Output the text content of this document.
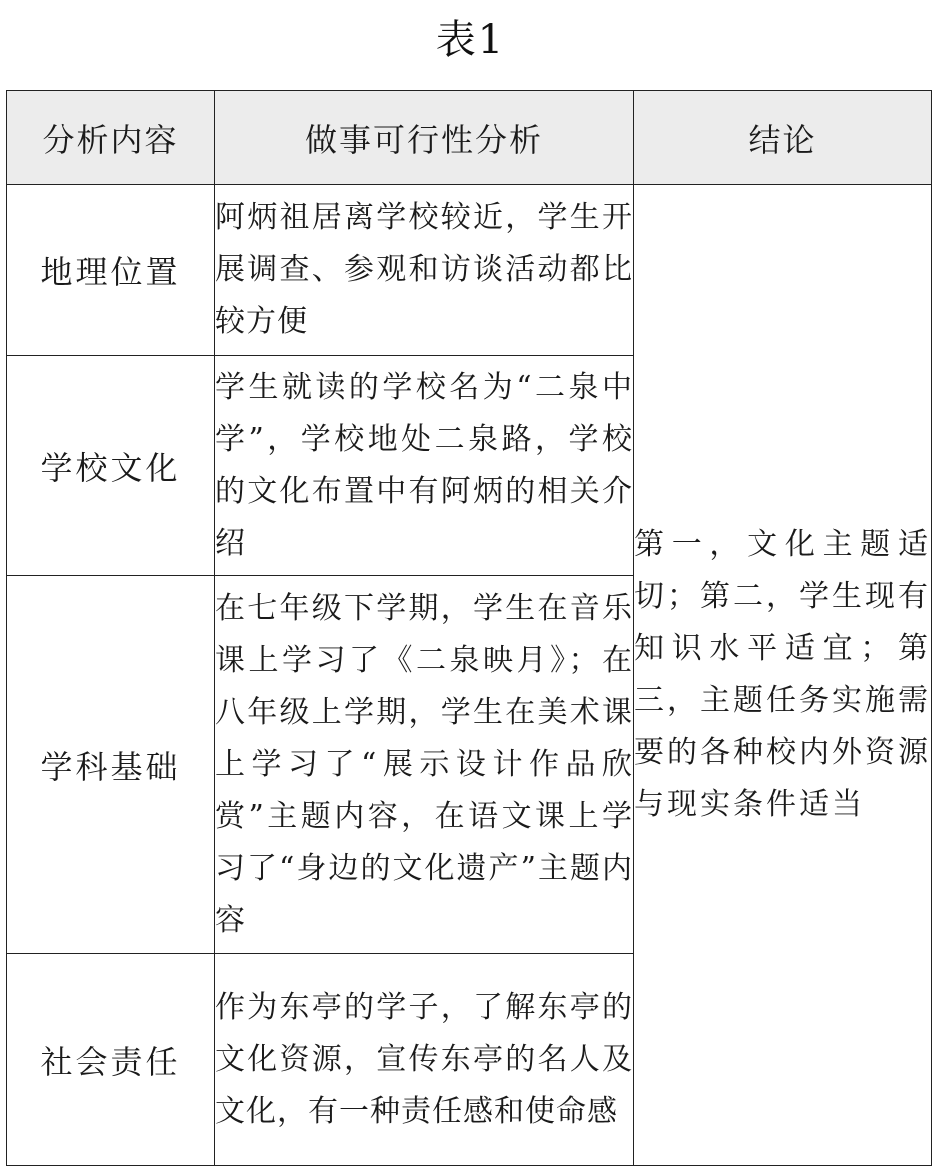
表1
分析内容	做事可行性分析	结论
地理位置	阿炳祖居离学校较近，学生开展调查、参观和访谈活动都比较方便	第一，文化主题适切；第二，学生现有知识水平适宜；第三，主题任务实施需要的各种校内外资源与现实条件适当
学校文化	学生就读的学校名为“二泉中学”，学校地处二泉路，学校的文化布置中有阿炳的相关介绍	
学科基础	在七年级下学期，学生在音乐课上学习了《二泉映月》；在八年级上学期，学生在美术课上学习了“展示设计作品欣赏”主题内容，在语文课上学习了“身边的文化遗产”主题内容	
社会责任	作为东亭的学子，了解东亭的文化资源，宣传东亭的名人及文化，有一种责任感和使命感	
